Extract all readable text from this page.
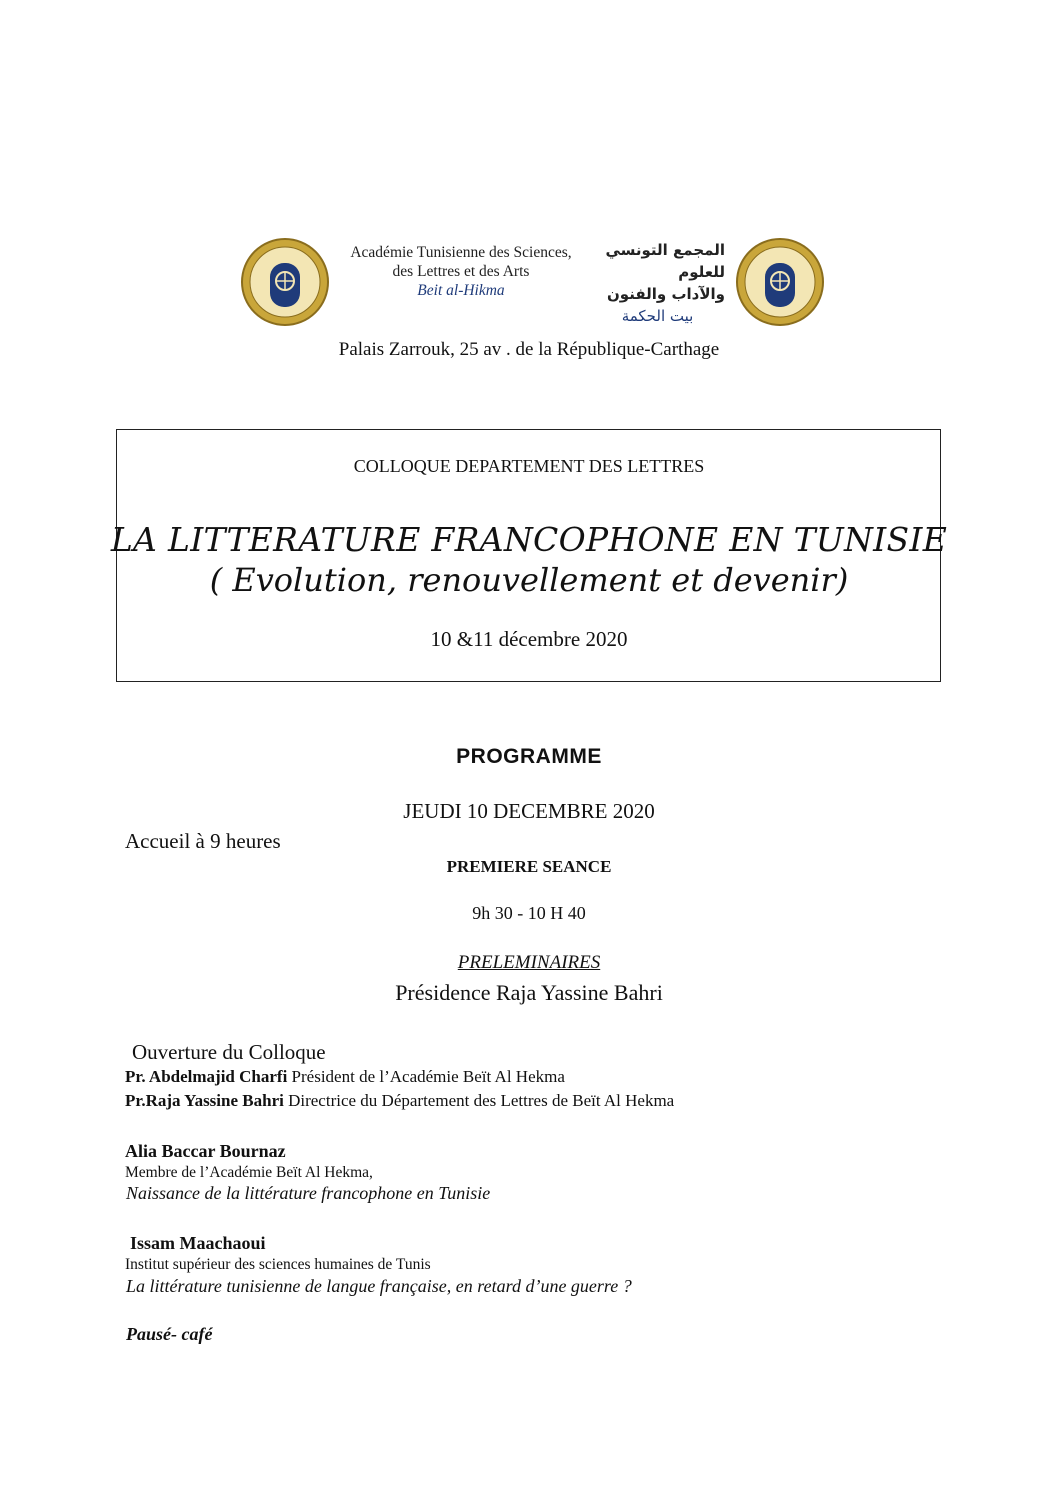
Académie Tunisienne des Sciences,
des Lettres et des Arts
Beit al-Hikma
المجمع التونسي للعلوم
والآداب والفنون
بيت الحكمة
Palais Zarrouk, 25 av . de la République-Carthage
COLLOQUE DEPARTEMENT DES LETTRES
LA LITTERATURE FRANCOPHONE EN TUNISIE
( Evolution, renouvellement et devenir)
10 &11 décembre 2020
PROGRAMME
JEUDI 10 DECEMBRE 2020
Accueil à 9 heures
PREMIERE SEANCE
9h 30 - 10 H 40
PRELEMINAIRES
Présidence Raja Yassine Bahri
Ouverture du Colloque
Pr. Abdelmajid Charfi Président de l’Académie Beït Al Hekma
Pr.Raja Yassine Bahri Directrice du Département des Lettres de Beït Al Hekma
Alia Baccar Bournaz
Membre de l’Académie Beït Al Hekma,
Naissance de la littérature francophone en Tunisie
Issam Maachaoui
Institut supérieur des sciences humaines de Tunis
La littérature tunisienne de langue française, en retard d’une guerre ?
Pausé- café
